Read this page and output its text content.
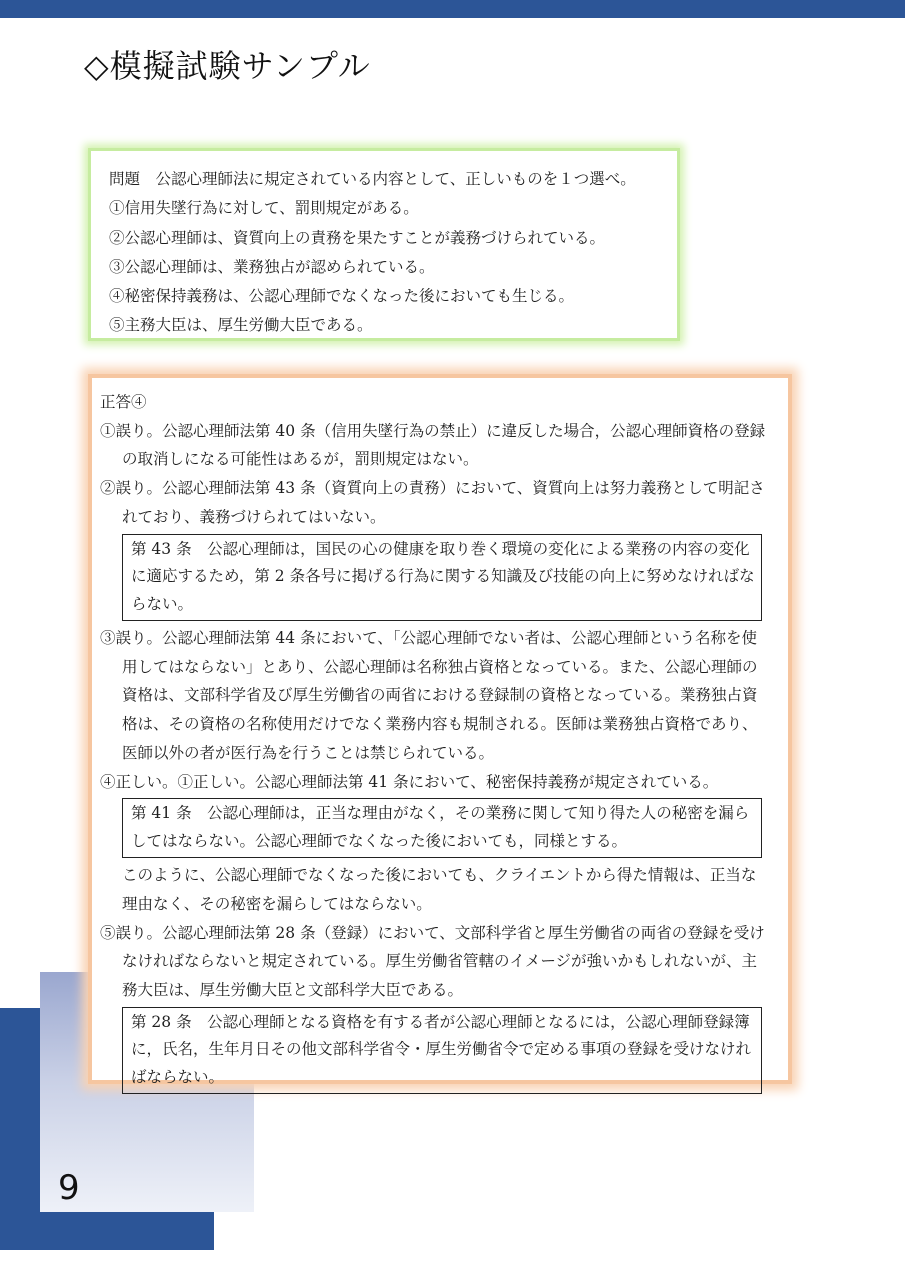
◇模擬試験サンプル
9

問題　公認心理師法に規定されている内容として、正しいものを１つ選べ。

①信用失墜行為に対して、罰則規定がある。

②公認心理師は、資質向上の責務を果たすことが義務づけられている。

③公認心理師は、業務独占が認められている。

④秘密保持義務は、公認心理師でなくなった後においても生じる。

⑤主務大臣は、厚生労働大臣である。

正答④

①誤り。公認心理師法第 40 条（信用失墜行為の禁止）に違反した場合，公認心理師資格の登録の取消しになる可能性はあるが，罰則規定はない。

②誤り。公認心理師法第 43 条（資質向上の責務）において、資質向上は努力義務として明記されており、義務づけられてはいない。

第 43 条　公認心理師は，国民の心の健康を取り巻く環境の変化による業務の内容の変化に適応するため，第 2 条各号に掲げる行為に関する知識及び技能の向上に努めなければならない。

③誤り。公認心理師法第 44 条において、「公認心理師でない者は、公認心理師という名称を使用してはならない」とあり、公認心理師は名称独占資格となっている。また、公認心理師の資格は、文部科学省及び厚生労働省の両省における登録制の資格となっている。業務独占資格は、その資格の名称使用だけでなく業務内容も規制される。医師は業務独占資格であり、医師以外の者が医行為を行うことは禁じられている。

④正しい。①正しい。公認心理師法第 41 条において、秘密保持義務が規定されている。

第 41 条　公認心理師は，正当な理由がなく，その業務に関して知り得た人の秘密を漏らしてはならない。公認心理師でなくなった後においても，同様とする。

このように、公認心理師でなくなった後においても、クライエントから得た情報は、正当な理由なく、その秘密を漏らしてはならない。

⑤誤り。公認心理師法第 28 条（登録）において、文部科学省と厚生労働省の両省の登録を受けなければならないと規定されている。厚生労働省管轄のイメージが強いかもしれないが、主務大臣は、厚生労働大臣と文部科学大臣である。

第 28 条　公認心理師となる資格を有する者が公認心理師となるには，公認心理師登録簿に，氏名，生年月日その他文部科学省令・厚生労働省令で定める事項の登録を受けなければならない。
